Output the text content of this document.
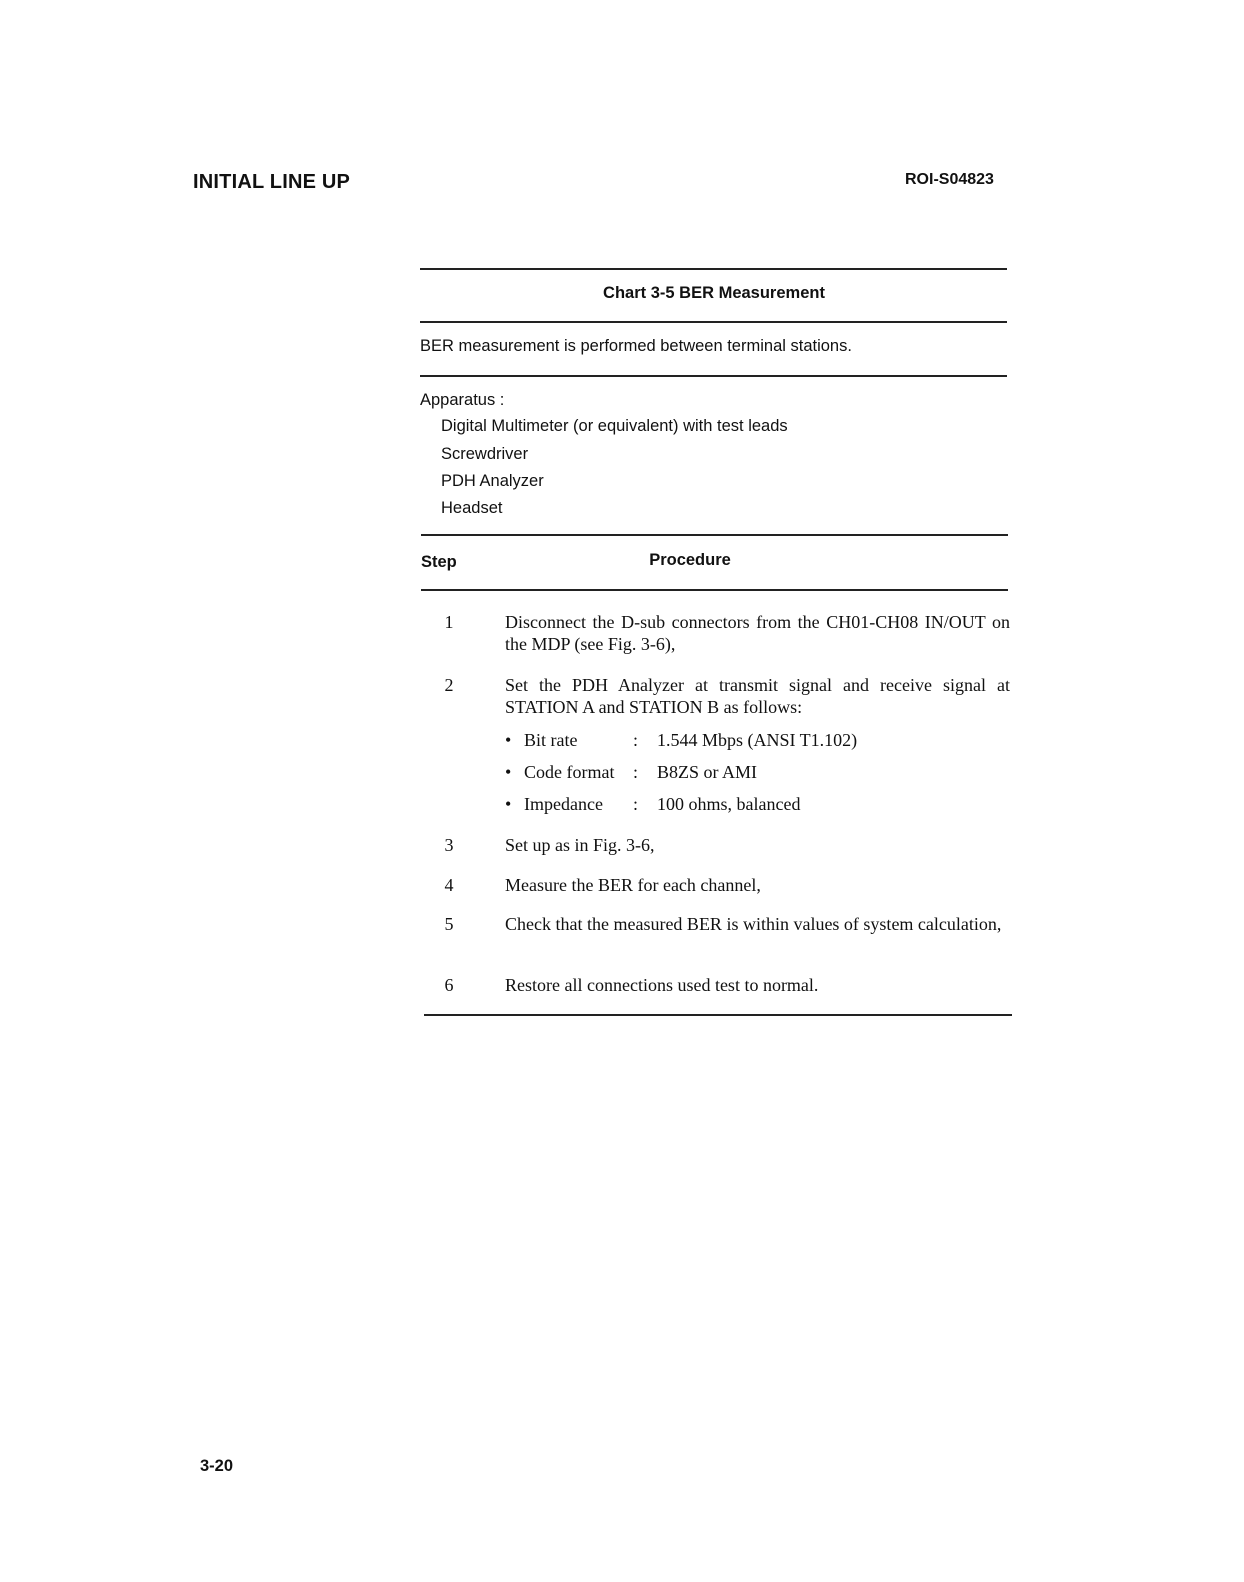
INITIAL LINE UP	ROI-S04823
Chart 3-5 BER Measurement
BER measurement is performed between terminal stations.
Apparatus :
Digital Multimeter (or equivalent) with test leads
Screwdriver
PDH Analyzer
Headset
Step	Procedure
1	Disconnect the D-sub connectors from the CH01-CH08 IN/OUT on the MDP (see Fig. 3-6),
2	Set the PDH Analyzer at transmit signal and receive signal at STATION A and STATION B as follows:
• Bit rate	: 1.544 Mbps (ANSI T1.102)
• Code format : B8ZS or AMI
• Impedance : 100 ohms, balanced
3	Set up as in Fig. 3-6,
4	Measure the BER for each channel,
5	Check that the measured BER is within values of system calculation,
6	Restore all connections used test to normal.
3-20
